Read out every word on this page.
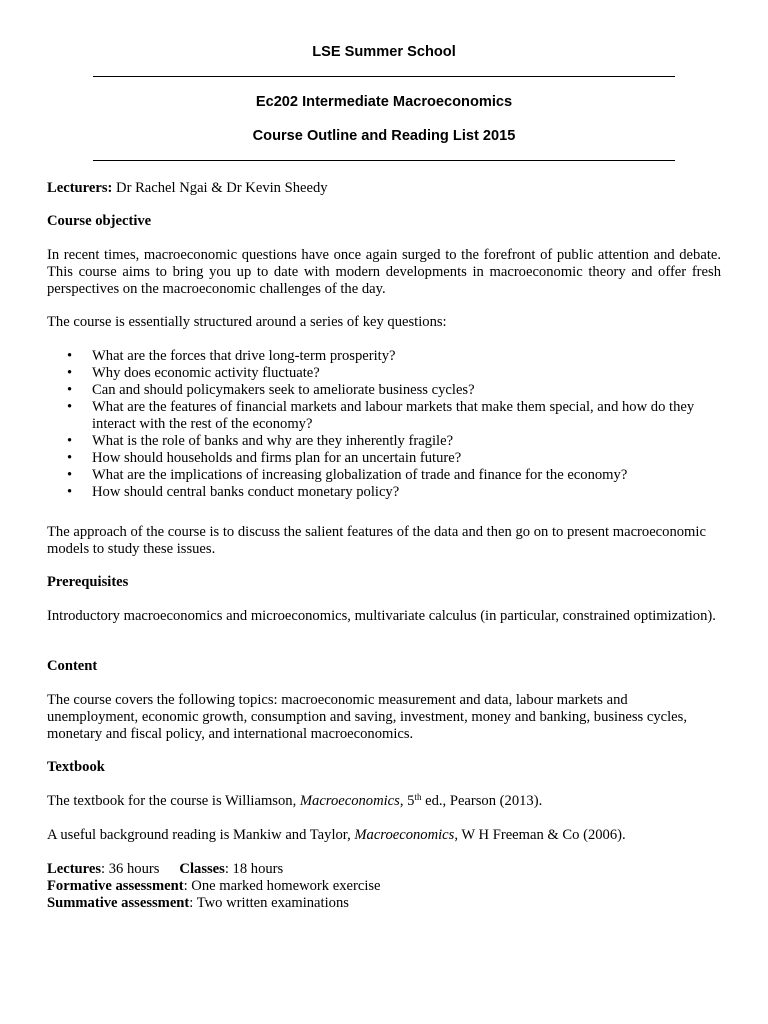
LSE Summer School
Ec202 Intermediate Macroeconomics
Course Outline and Reading List 2015
Lecturers: Dr Rachel Ngai & Dr Kevin Sheedy
Course objective

In recent times, macroeconomic questions have once again surged to the forefront of public attention and debate. This course aims to bring you up to date with modern developments in macroeconomic theory and offer fresh perspectives on the macroeconomic challenges of the day.

The course is essentially structured around a series of key questions:

• What are the forces that drive long-term prosperity?
• Why does economic activity fluctuate?
• Can and should policymakers seek to ameliorate business cycles?
• What are the features of financial markets and labour markets that make them special, and how do they interact with the rest of the economy?
• What is the role of banks and why are they inherently fragile?
• How should households and firms plan for an uncertain future?
• What are the implications of increasing globalization of trade and finance for the economy?
• How should central banks conduct monetary policy?

The approach of the course is to discuss the salient features of the data and then go on to present macroeconomic models to study these issues.

Prerequisites

Introductory macroeconomics and microeconomics, multivariate calculus (in particular, constrained optimization).

Content

The course covers the following topics: macroeconomic measurement and data, labour markets and unemployment, economic growth, consumption and saving, investment, money and banking, business cycles, monetary and fiscal policy, and international macroeconomics.

Textbook

The textbook for the course is Williamson, Macroeconomics, 5th ed., Pearson (2013).

A useful background reading is Mankiw and Taylor, Macroeconomics, W H Freeman & Co (2006).

Lectures: 36 hours Classes: 18 hours

Formative assessment: One marked homework exercise

Summative assessment: Two written examinations
